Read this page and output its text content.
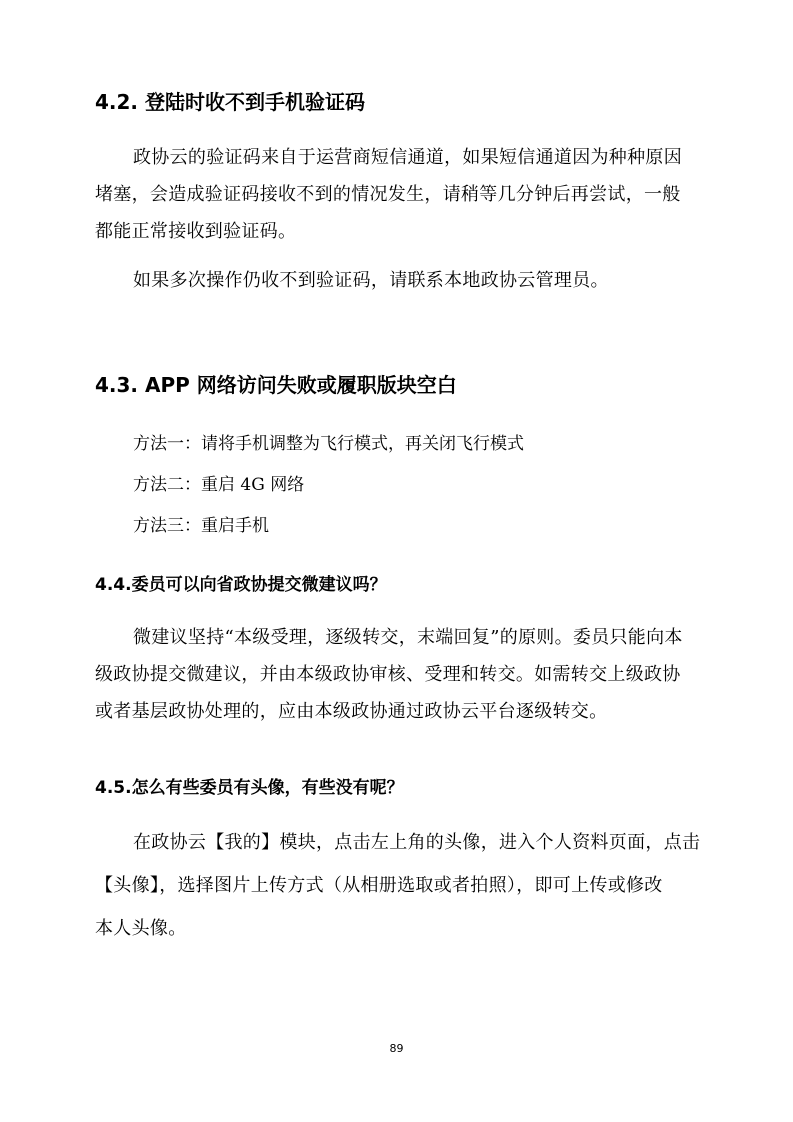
4.2. 登陆时收不到手机验证码
政协云的验证码来自于运营商短信通道，如果短信通道因为种种原因
堵塞，会造成验证码接收不到的情况发生，请稍等几分钟后再尝试，一般
都能正常接收到验证码。
如果多次操作仍收不到验证码，请联系本地政协云管理员。
4.3. APP 网络访问失败或履职版块空白

方法一：请将手机调整为飞行模式，再关闭飞行模式

方法二：重启 4G 网络

方法三：重启手机

4.4.委员可以向省政协提交微建议吗？
微建议坚持“本级受理，逐级转交，末端回复”的原则。委员只能向本
级政协提交微建议，并由本级政协审核、受理和转交。如需转交上级政协
或者基层政协处理的，应由本级政协通过政协云平台逐级转交。
4.5.怎么有些委员有头像，有些没有呢？
在政协云【我的】模块，点击左上角的头像，进入个人资料页面，点击
【头像】，选择图片上传方式（从相册选取或者拍照），即可上传或修改
本人头像。
89
